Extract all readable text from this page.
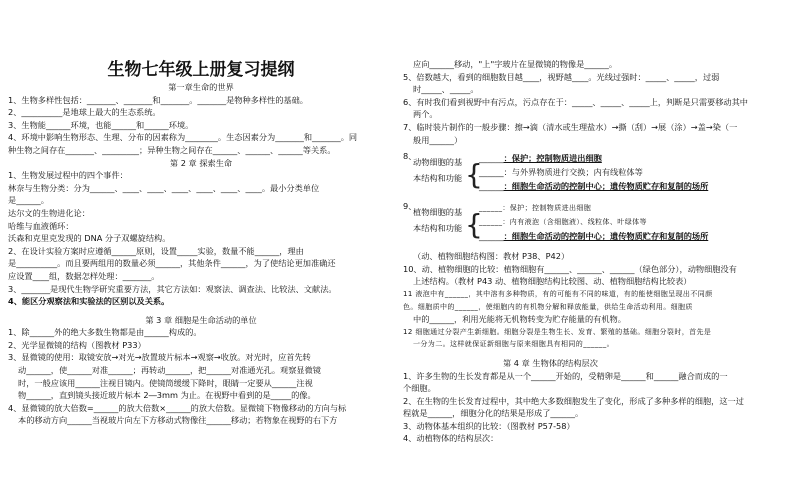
生物七年级上册复习提纲
第一章生命的世界
1、生物多样性包括：_______、_______和_______。_______是物种多样性的基础。
2、__________是地球上最大的生态系统。
3、生物能______环境，也能______和______环境。
4、环境中影响生物形态、生理、分布的因素称为________。生态因素分为_______和_______。同
种生物之间存在_______、_________；异种生物之间存在______、______、______等关系。
第 2 章 探索生命
1、生物发展过程中的四个事件：
林奈与生物分类：分为______、____、____、____、____、____、____。最小分类单位
是______。
达尔文的生物进化论：
哈维与血液循环：
沃森和克里克发现的 DNA 分子双螺旋结构。
2、在设计实验方案时应遵循______原则，设置_____实验，数量不能______，理由
是__________。而且要两组用的数量必须______，其他条件______，为了使结论更加准确还
应设置____组，数据怎样处理：_______。
3、_______是现代生物学研究重要方法，其它方法如：观察法、调查法、比较法、文献法。
4、能区分观察法和实验法的区别以及关系。
第 3 章 细胞是生命活动的单位
1、除______外的绝大多数生物都是由______构成的。
2、光学显微镜的结构（图教材 P33）
3、显微镜的使用：取镜安放→对光→放置玻片标本→观察→收放。对光时，应首先转
动______，使______对准______；再转动______，把______对准通光孔。观察显微镜
时，一般应该用______注视目镜内。使镜筒缓缓下降时，眼睛一定要从______注视
物______，直到镜头接近玻片标本 2―3mm 为止。在视野中看到的是_____的像。
4、显微镜的放大倍数=______的放大倍数×______的放大倍数。显微镜下物像移动的方向与标
本的移动方向______当视玻片向左下方移动式物像往______移动；若物象在视野的右下方
应向______移动，"上"字玻片在显微镜的物像是______。
5、倍数越大，看到的细胞数目越____，视野越____。光线过强时：_____、_____，过弱
时_____、_____。
6、有时我们看到视野中有污点，污点存在于：_____、_____、_____上，判断是只需要移动其中
两个。
7、临时装片制作的一般步骤：擦→滴（清水或生理盐水）→撕（刮）→展（涂）→盖→染（一
般用______）
8、
动物细胞的基
本结构和功能 {
______：保护；控制物质进出细胞
______：与外界物质进行交换；内有线粒体等
______：细胞生命活动的控制中心；遗传物质贮存和复制的场所
9、
植物细胞的基
本结构和功能 {
______：保护；控制物质进出细胞
______：内有液泡（含细胞液）、线粒体、叶绿体等
______：细胞生命活动的控制中心；遗传物质贮存和复制的场所
（动、植物细胞结构图：教材 P38、P42）
10、动、植物细胞的比较：植物细胞有______、______、______（绿色部分），动物细胞没有
上述结构。（教材 P43 动、植物细胞结构比较图、动、植物细胞结构比较表）
11 液泡中有______，其中溶有多种物质，有的可能有不同的味道，有的能使细胞呈现出不同颜
色。细胞质中的______，使细胞内的有机物分解和释放能量，供给生命活动利用。细胞质
中的______，利用光能将无机物转变为贮存能量的有机物。
12 细胞通过分裂产生新细胞。细胞分裂是生物生长、发育、繁殖的基础。细胞分裂时，首先是
一分为二。这样就保证新细胞与原来细胞具有相同的______。
第 4 章 生物体的结构层次
1、许多生物的生长发育都是从一个______开始的，受精卵是______和______融合而成的一
个细胞。
2、在生物的生长发育过程中，其中绝大多数细胞发生了变化，形成了多种多样的细胞，这一过
程就是______，细胞分化的结果是形成了______。
3、动物体基本组织的比较：（图教材 P57-58）
4、动植物体的结构层次：
